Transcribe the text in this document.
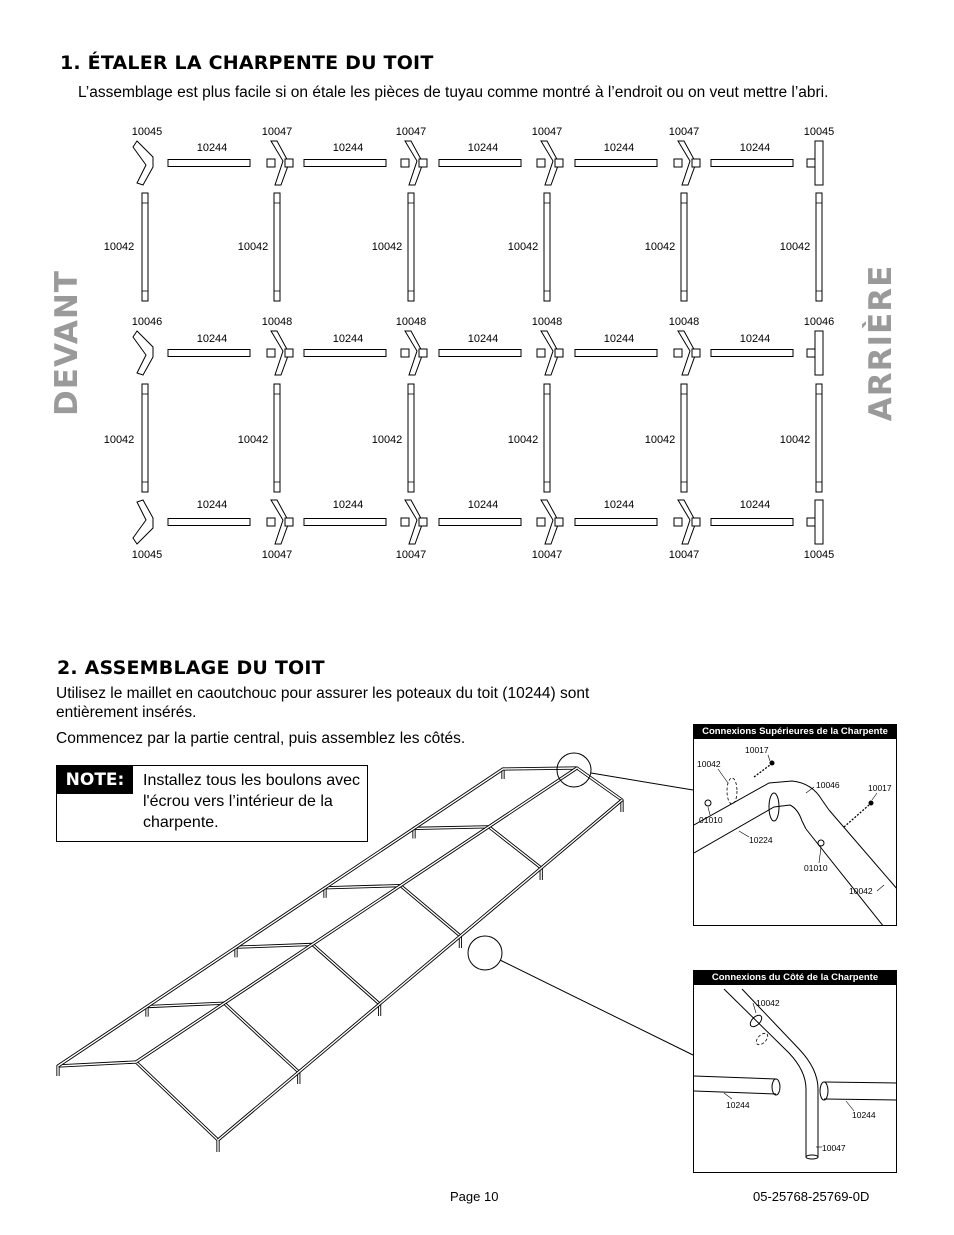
1. ÉTALER LA CHARPENTE DU TOIT
L’assemblage est plus facile si on étale les pièces de tuyau comme montré à l’endroit ou on veut mettre l’abri.
DEVANT	ARRIÈRE
10045	10047	10047	10047	10047	10045
10244	10244	10244	10244	10244
10046	10048	10048	10048	10048	10046
10244	10244	10244	10244	10244
10045	10047	10047	10047	10047	10045
10244	10244	10244	10244	10244
10042	10042	10042	10042	10042	10042
10042	10042	10042	10042	10042	10042
2. ASSEMBLAGE DU TOIT
Utilisez le maillet en caoutchouc pour assurer les poteaux du toit (10244) sont entièrement insérés.
Commencez par la partie central, puis assemblez les côtés.
NOTE:	Installez tous les boulons avec l'écrou vers l’intérieur de la charpente.
Connexions Supérieures de la Charpente
10042
10017
10046	10017
01010
10224
01010
10042
Connexions du Côté de la Charpente
10042
10244
10244
10047
Page 10	05-25768-25769-0D
